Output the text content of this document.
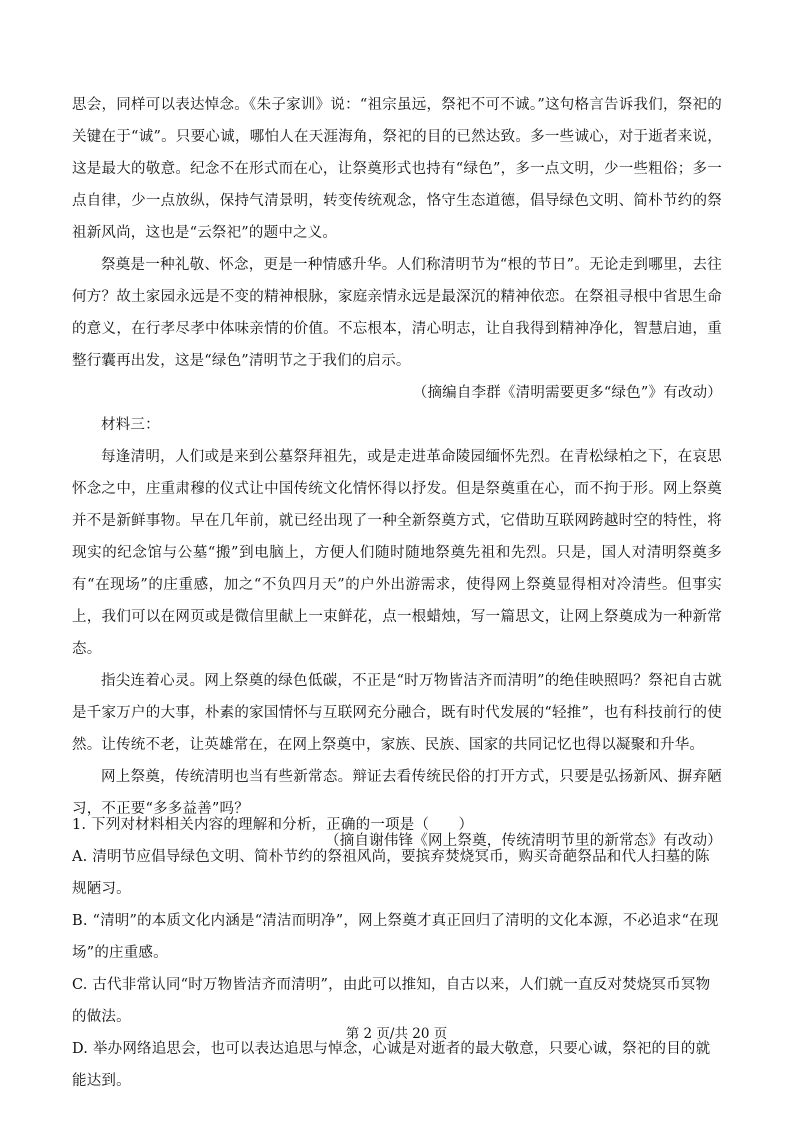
思会，同样可以表达悼念。《朱子家训》说：“祖宗虽远，祭祀不可不诚。”这句格言告诉我们，祭祀的关键在于“诚”。只要心诚，哪怕人在天涯海角，祭祀的目的已然达致。多一些诚心，对于逝者来说，这是最大的敬意。纪念不在形式而在心，让祭奠形式也持有“绿色”，多一点文明，少一些粗俗；多一点自律，少一点放纵，保持气清景明，转变传统观念，恪守生态道德，倡导绿色文明、简朴节约的祭祖新风尚，这也是“云祭祀”的题中之义。

祭奠是一种礼敬、怀念，更是一种情感升华。人们称清明节为“根的节日”。无论走到哪里，去往何方？故土家园永远是不变的精神根脉，家庭亲情永远是最深沉的精神依恋。在祭祖寻根中省思生命的意义，在行孝尽孝中体味亲情的价值。不忘根本，清心明志，让自我得到精神净化，智慧启迪，重整行囊再出发，这是“绿色”清明节之于我们的启示。

（摘编自李群《清明需要更多“绿色”》有改动）

材料三：

每逢清明，人们或是来到公墓祭拜祖先，或是走进革命陵园缅怀先烈。在青松绿柏之下，在哀思怀念之中，庄重肃穆的仪式让中国传统文化情怀得以抒发。但是祭奠重在心，而不拘于形。网上祭奠并不是新鲜事物。早在几年前，就已经出现了一种全新祭奠方式，它借助互联网跨越时空的特性，将现实的纪念馆与公墓“搬”到电脑上，方便人们随时随地祭奠先祖和先烈。只是，国人对清明祭奠多有“在现场”的庄重感，加之“不负四月天”的户外出游需求，使得网上祭奠显得相对冷清些。但事实上，我们可以在网页或是微信里献上一束鲜花，点一根蜡烛，写一篇思文，让网上祭奠成为一种新常态。

指尖连着心灵。网上祭奠的绿色低碳，不正是“时万物皆洁齐而清明”的绝佳映照吗？祭祀自古就是千家万户的大事，朴素的家国情怀与互联网充分融合，既有时代发展的“轻推”，也有科技前行的使然。让传统不老，让英雄常在，在网上祭奠中，家族、民族、国家的共同记忆也得以凝聚和升华。

网上祭奠，传统清明也当有些新常态。辩证去看传统民俗的打开方式，只要是弘扬新风、摒弃陋习，不正要“多多益善”吗？

（摘自谢伟锋《网上祭奠，传统清明节里的新常态》有改动）

1. 下列对材料相关内容的理解和分析，正确的一项是（　　）

A. 清明节应倡导绿色文明、简朴节约的祭祖风尚，要摈弃焚烧冥币，购买奇葩祭品和代人扫墓的陈规陋习。

B. “清明”的本质文化内涵是“清洁而明净”，网上祭奠才真正回归了清明的文化本源，不必追求“在现场”的庄重感。

C. 古代非常认同“时万物皆洁齐而清明”，由此可以推知，自古以来，人们就一直反对焚烧冥币冥物的做法。

D. 举办网络追思会，也可以表达追思与悼念，心诚是对逝者的最大敬意，只要心诚，祭祀的目的就能达到。

第 2 页/共 20 页
